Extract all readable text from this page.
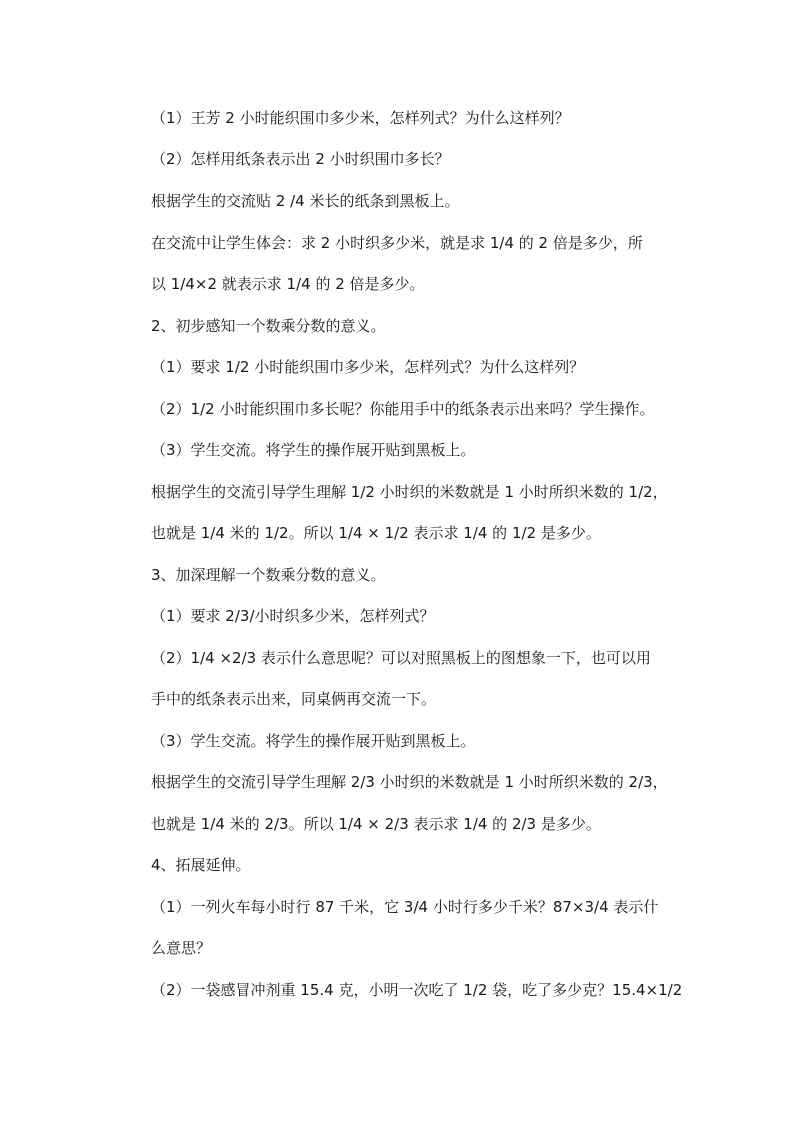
（1）王芳 2 小时能织围巾多少米，怎样列式？为什么这样列？
（2）怎样用纸条表示出 2 小时织围巾多长？
根据学生的交流贴 2 /4 米长的纸条到黑板上。
在交流中让学生体会：求 2 小时织多少米，就是求 1/4 的 2 倍是多少，所
以 1/4×2 就表示求 1/4 的 2 倍是多少。
2、初步感知一个数乘分数的意义。
（1）要求 1/2 小时能织围巾多少米，怎样列式？为什么这样列？
（2）1/2 小时能织围巾多长呢？你能用手中的纸条表示出来吗？学生操作。
（3）学生交流。将学生的操作展开贴到黑板上。
根据学生的交流引导学生理解 1/2 小时织的米数就是 1 小时所织米数的 1/2，
也就是 1/4 米的 1/2。所以 1/4 × 1/2 表示求 1/4 的 1/2 是多少。
3、加深理解一个数乘分数的意义。
（1）要求 2/3/小时织多少米，怎样列式？
（2）1/4 ×2/3 表示什么意思呢？可以对照黑板上的图想象一下，也可以用
手中的纸条表示出来，同桌俩再交流一下。
（3）学生交流。将学生的操作展开贴到黑板上。
根据学生的交流引导学生理解 2/3 小时织的米数就是 1 小时所织米数的 2/3，
也就是 1/4 米的 2/3。所以 1/4 × 2/3 表示求 1/4 的 2/3 是多少。
4、拓展延伸。
（1）一列火车每小时行 87 千米，它 3/4 小时行多少千米？87×3/4 表示什
么意思？
（2）一袋感冒冲剂重 15.4 克，小明一次吃了 1/2 袋，吃了多少克？15.4×1/2
